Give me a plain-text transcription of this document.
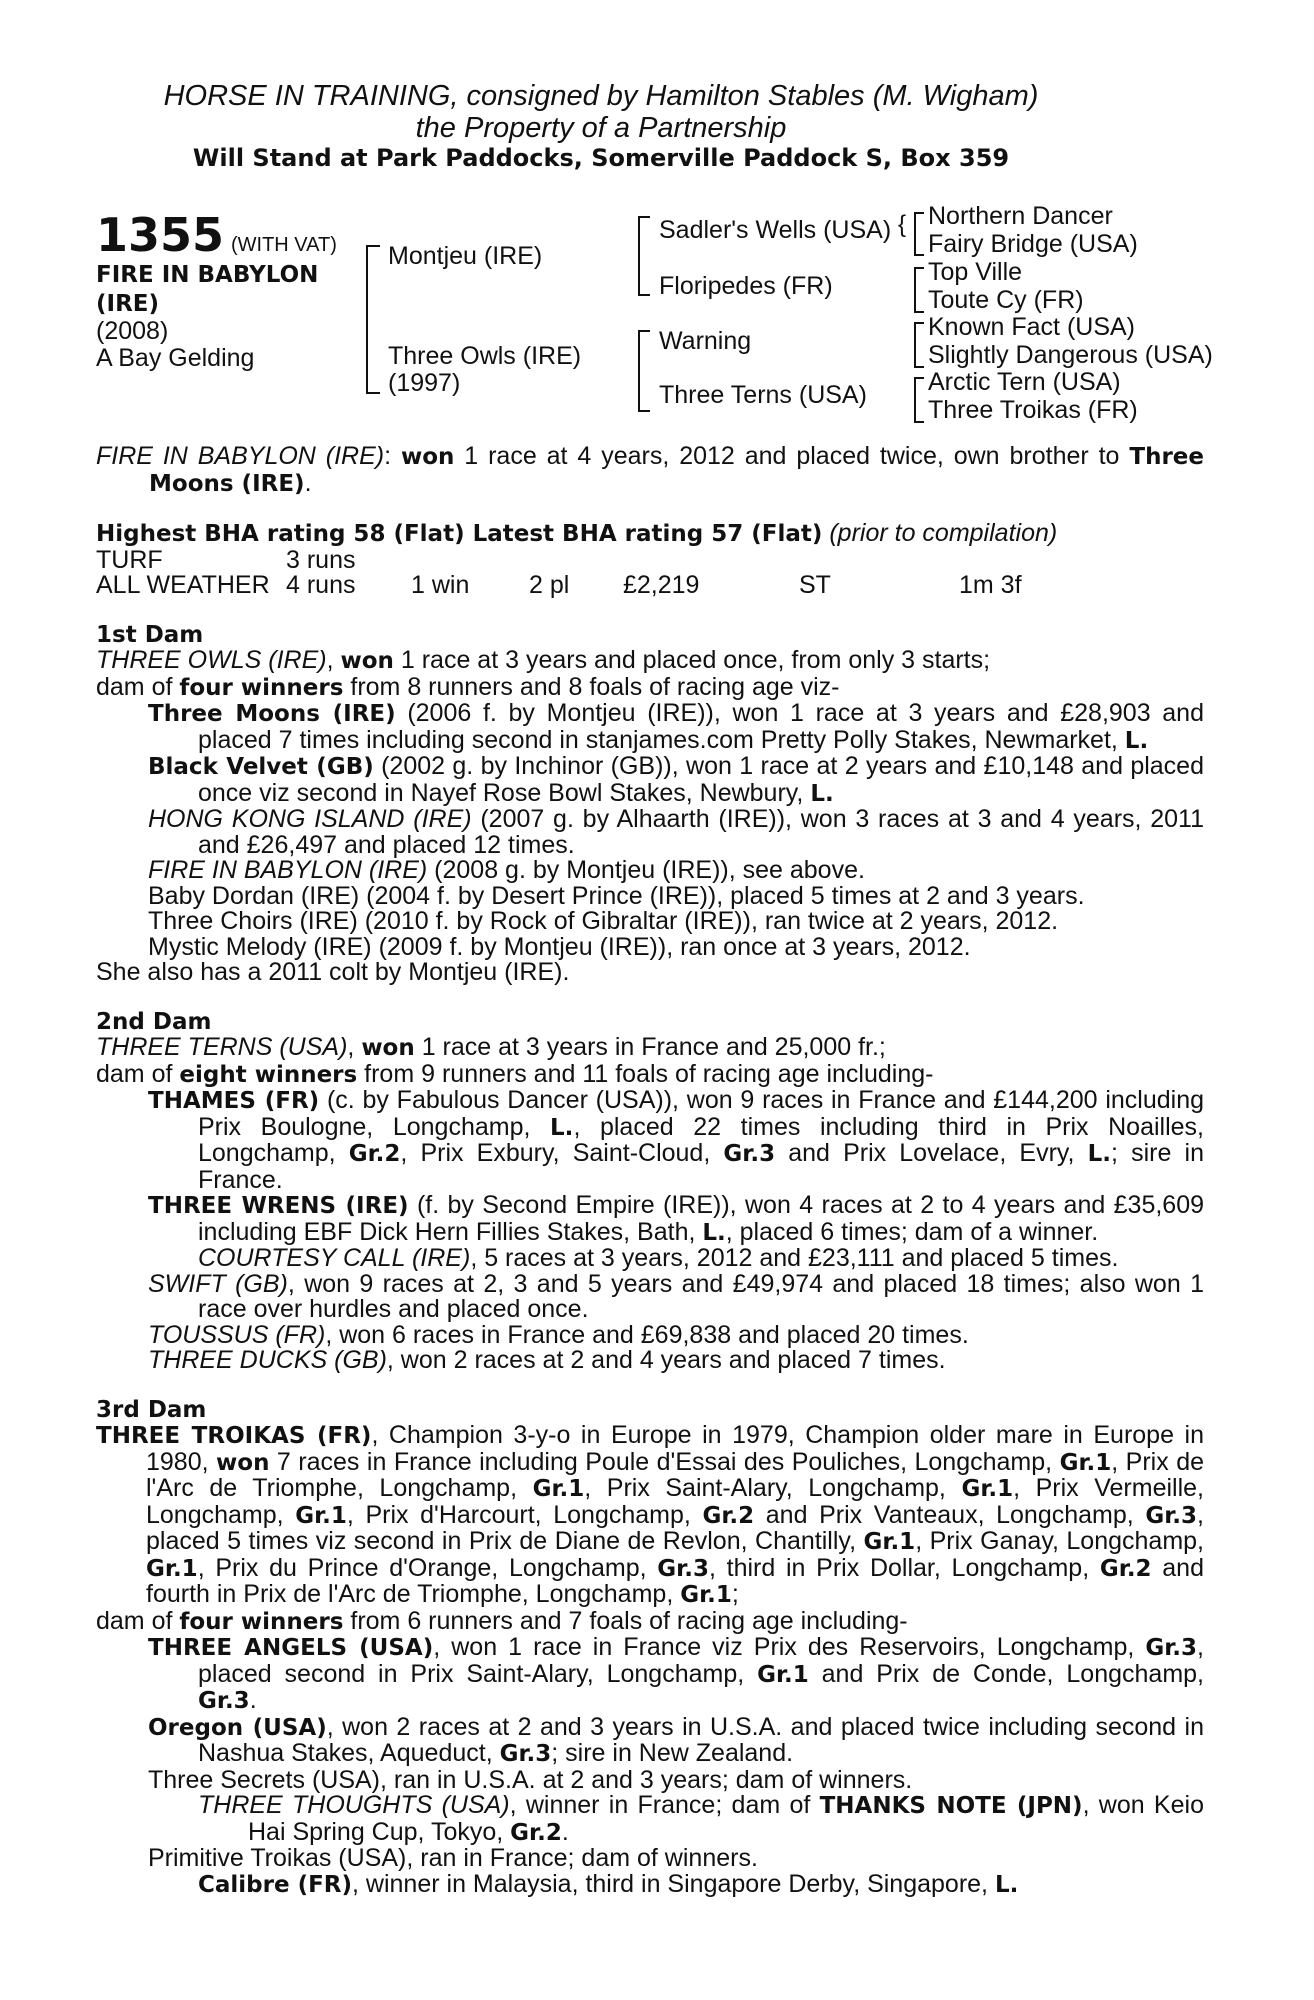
HORSE IN TRAINING, consigned by Hamilton Stables (M. Wigham)
the Property of a Partnership
Will Stand at Park Paddocks, Somerville Paddock S, Box 359
1355 (WITH VAT)
FIRE IN BABYLON
(IRE)
(2008)
A Bay Gelding
Montjeu (IRE)
Three Owls (IRE)
(1997)
Sadler's Wells (USA)
Floripedes (FR)
Warning
Three Terns (USA)
{ Northern Dancer
Fairy Bridge (USA)
Top Ville
Toute Cy (FR)
Known Fact (USA)
Slightly Dangerous (USA)
Arctic Tern (USA)
Three Troikas (FR)

FIRE IN BABYLON (IRE): won 1 race at 4 years, 2012 and placed twice, own brother to Three Moons (IRE).

Highest BHA rating 58 (Flat) Latest BHA rating 57 (Flat) (prior to compilation)

TURF	3 runs					
ALL WEATHER	4 runs	1 win	2 pl	£2,219	ST	1m 3f

1st Dam

THREE OWLS (IRE), won 1 race at 3 years and placed once, from only 3 starts;

dam of four winners from 8 runners and 8 foals of racing age viz-

Three Moons (IRE) (2006 f. by Montjeu (IRE)), won 1 race at 3 years and £28,903 and placed 7 times including second in stanjames.com Pretty Polly Stakes, Newmarket, L.

Black Velvet (GB) (2002 g. by Inchinor (GB)), won 1 race at 2 years and £10,148 and placed once viz second in Nayef Rose Bowl Stakes, Newbury, L.

HONG KONG ISLAND (IRE) (2007 g. by Alhaarth (IRE)), won 3 races at 3 and 4 years, 2011 and £26,497 and placed 12 times.

FIRE IN BABYLON (IRE) (2008 g. by Montjeu (IRE)), see above.

Baby Dordan (IRE) (2004 f. by Desert Prince (IRE)), placed 5 times at 2 and 3 years.

Three Choirs (IRE) (2010 f. by Rock of Gibraltar (IRE)), ran twice at 2 years, 2012.

Mystic Melody (IRE) (2009 f. by Montjeu (IRE)), ran once at 3 years, 2012.

She also has a 2011 colt by Montjeu (IRE).

2nd Dam

THREE TERNS (USA), won 1 race at 3 years in France and 25,000 fr.;

dam of eight winners from 9 runners and 11 foals of racing age including-

THAMES (FR) (c. by Fabulous Dancer (USA)), won 9 races in France and £144,200 including Prix Boulogne, Longchamp, L., placed 22 times including third in Prix Noailles, Longchamp, Gr.2, Prix Exbury, Saint-Cloud, Gr.3 and Prix Lovelace, Evry, L.; sire in France.

THREE WRENS (IRE) (f. by Second Empire (IRE)), won 4 races at 2 to 4 years and £35,609 including EBF Dick Hern Fillies Stakes, Bath, L., placed 6 times; dam of a winner.

COURTESY CALL (IRE), 5 races at 3 years, 2012 and £23,111 and placed 5 times.

SWIFT (GB), won 9 races at 2, 3 and 5 years and £49,974 and placed 18 times; also won 1 race over hurdles and placed once.

TOUSSUS (FR), won 6 races in France and £69,838 and placed 20 times.

THREE DUCKS (GB), won 2 races at 2 and 4 years and placed 7 times.

3rd Dam

THREE TROIKAS (FR), Champion 3-y-o in Europe in 1979, Champion older mare in Europe in 1980, won 7 races in France including Poule d'Essai des Pouliches, Longchamp, Gr.1, Prix de l'Arc de Triomphe, Longchamp, Gr.1, Prix Saint-Alary, Longchamp, Gr.1, Prix Vermeille, Longchamp, Gr.1, Prix d'Harcourt, Longchamp, Gr.2 and Prix Vanteaux, Longchamp, Gr.3, placed 5 times viz second in Prix de Diane de Revlon, Chantilly, Gr.1, Prix Ganay, Longchamp, Gr.1, Prix du Prince d'Orange, Longchamp, Gr.3, third in Prix Dollar, Longchamp, Gr.2 and fourth in Prix de l'Arc de Triomphe, Longchamp, Gr.1;

dam of four winners from 6 runners and 7 foals of racing age including-

THREE ANGELS (USA), won 1 race in France viz Prix des Reservoirs, Longchamp, Gr.3, placed second in Prix Saint-Alary, Longchamp, Gr.1 and Prix de Conde, Longchamp, Gr.3.

Oregon (USA), won 2 races at 2 and 3 years in U.S.A. and placed twice including second in Nashua Stakes, Aqueduct, Gr.3; sire in New Zealand.

Three Secrets (USA), ran in U.S.A. at 2 and 3 years; dam of winners.

THREE THOUGHTS (USA), winner in France; dam of THANKS NOTE (JPN), won Keio Hai Spring Cup, Tokyo, Gr.2.

Primitive Troikas (USA), ran in France; dam of winners.

Calibre (FR), winner in Malaysia, third in Singapore Derby, Singapore, L.
